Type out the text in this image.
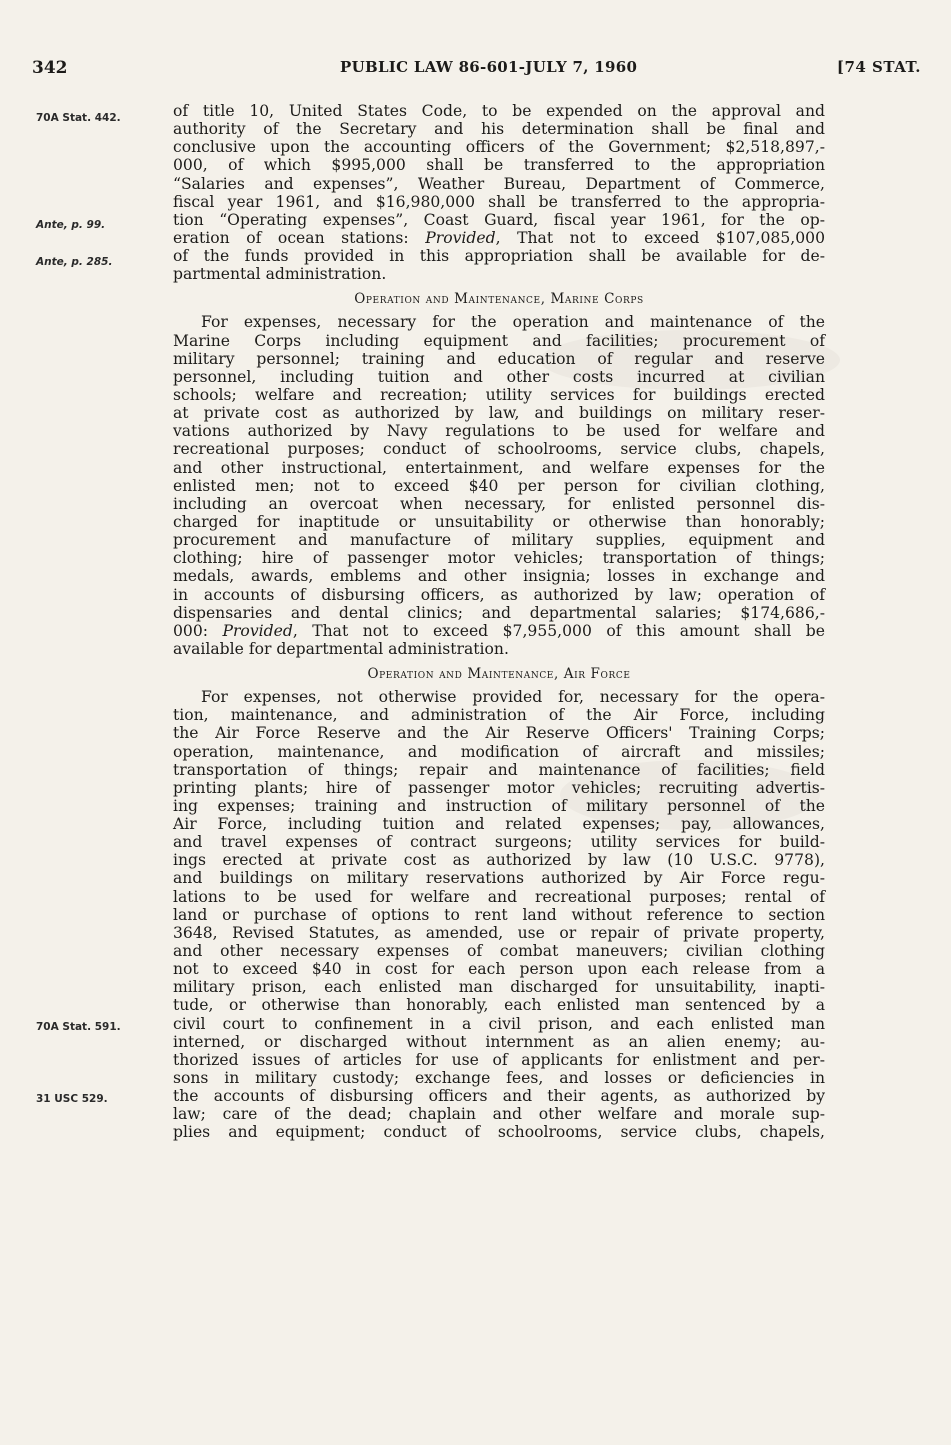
342	PUBLIC LAW 86-601-JULY 7, 1960	[74 STAT.
70A Stat. 442.
Ante, p. 99.
Ante, p. 285.
70A Stat. 591.
31 USC 529.
of title 10, United States Code, to be expended on the approval and
authority of the Secretary and his determination shall be final and
conclusive upon the accounting officers of the Government; $2,518,897,-
000, of which $995,000 shall be transferred to the appropriation
“Salaries and expenses”, Weather Bureau, Department of Commerce,
fiscal year 1961, and $16,980,000 shall be transferred to the appropria-
tion “Operating expenses”, Coast Guard, fiscal year 1961, for the op-
eration of ocean stations: Provided, That not to exceed $107,085,000
of the funds provided in this appropriation shall be available for de-
partmental administration.
Operation and Maintenance, Marine Corps
For expenses, necessary for the operation and maintenance of the
Marine Corps including equipment and facilities; procurement of
military personnel; training and education of regular and reserve
personnel, including tuition and other costs incurred at civilian
schools; welfare and recreation; utility services for buildings erected
at private cost as authorized by law, and buildings on military reser-
vations authorized by Navy regulations to be used for welfare and
recreational purposes; conduct of schoolrooms, service clubs, chapels,
and other instructional, entertainment, and welfare expenses for the
enlisted men; not to exceed $40 per person for civilian clothing,
including an overcoat when necessary, for enlisted personnel dis-
charged for inaptitude or unsuitability or otherwise than honorably;
procurement and manufacture of military supplies, equipment and
clothing; hire of passenger motor vehicles; transportation of things;
medals, awards, emblems and other insignia; losses in exchange and
in accounts of disbursing officers, as authorized by law; operation of
dispensaries and dental clinics; and departmental salaries; $174,686,-
000: Provided, That not to exceed $7,955,000 of this amount shall be
available for departmental administration.
Operation and Maintenance, Air Force
For expenses, not otherwise provided for, necessary for the opera-
tion, maintenance, and administration of the Air Force, including
the Air Force Reserve and the Air Reserve Officers' Training Corps;
operation, maintenance, and modification of aircraft and missiles;
transportation of things; repair and maintenance of facilities; field
printing plants; hire of passenger motor vehicles; recruiting advertis-
ing expenses; training and instruction of military personnel of the
Air Force, including tuition and related expenses; pay, allowances,
and travel expenses of contract surgeons; utility services for build-
ings erected at private cost as authorized by law (10 U.S.C. 9778),
and buildings on military reservations authorized by Air Force regu-
lations to be used for welfare and recreational purposes; rental of
land or purchase of options to rent land without reference to section
3648, Revised Statutes, as amended, use or repair of private property,
and other necessary expenses of combat maneuvers; civilian clothing
not to exceed $40 in cost for each person upon each release from a
military prison, each enlisted man discharged for unsuitability, inapti-
tude, or otherwise than honorably, each enlisted man sentenced by a
civil court to confinement in a civil prison, and each enlisted man
interned, or discharged without internment as an alien enemy; au-
thorized issues of articles for use of applicants for enlistment and per-
sons in military custody; exchange fees, and losses or deficiencies in
the accounts of disbursing officers and their agents, as authorized by
law; care of the dead; chaplain and other welfare and morale sup-
plies and equipment; conduct of schoolrooms, service clubs, chapels,
